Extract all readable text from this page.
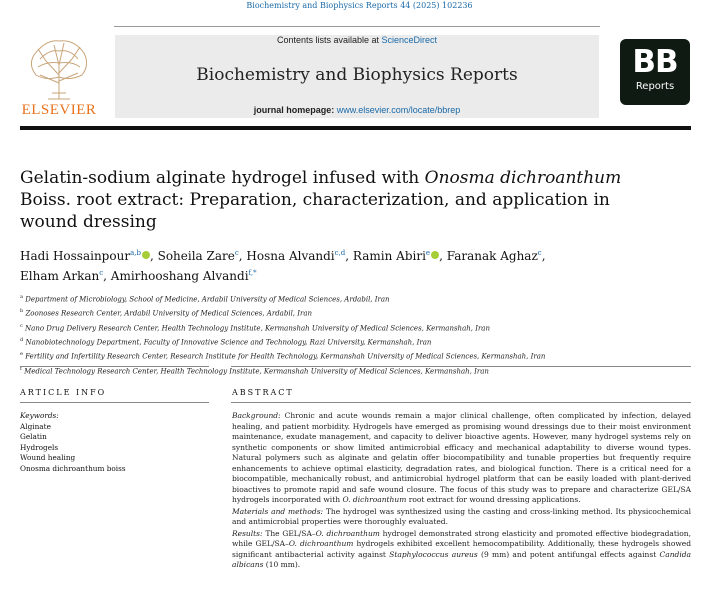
Biochemistry and Biophysics Reports 44 (2025) 102236
ELSEVIER
Contents lists available at ScienceDirect
Biochemistry and Biophysics Reports
journal homepage: www.elsevier.com/locate/bbrep
BB
Reports
Gelatin-sodium alginate hydrogel infused with Onosma dichroanthum Boiss. root extract: Preparation, characterization, and application in wound dressing
Hadi Hossainpour$^{a,b}$ , Soheila Zare$^c$, Hosna Alvandi$^{c,d}$, Ramin Abiri$^e$ , Faranak Aghaz$^c$,
Elham Arkan$^c$, Amirhooshang Alvandi$^{f,*}$
$^a$ Department of Microbiology, School of Medicine, Ardabil University of Medical Sciences, Ardabil, Iran
$^b$ Zoonoses Research Center, Ardabil University of Medical Sciences, Ardabil, Iran
$^c$ Nano Drug Delivery Research Center, Health Technology Institute, Kermanshah University of Medical Sciences, Kermanshah, Iran
$^d$ Nanobiotechnology Department, Faculty of Innovative Science and Technology, Razi University, Kermanshah, Iran
$^e$ Fertility and Infertility Research Center, Research Institute for Health Technology, Kermanshah University of Medical Sciences, Kermanshah, Iran
$^f$ Medical Technology Research Center, Health Technology Institute, Kermanshah University of Medical Sciences, Kermanshah, Iran
ARTICLE INFO	ABSTRACT
Keywords:
Alginate
Gelatin
Hydrogels
Wound healing
Onosma dichroanthum boiss

Background: Chronic and acute wounds remain a major clinical challenge, often complicated by infection, delayed healing, and patient morbidity. Hydrogels have emerged as promising wound dressings due to their moist environment maintenance, exudate management, and capacity to deliver bioactive agents. However, many hydrogel systems rely on synthetic components or show limited antimicrobial efficacy and mechanical adaptability to diverse wound types. Natural polymers such as alginate and gelatin offer biocompatibility and tunable properties but frequently require enhancements to achieve optimal elasticity, degradation rates, and biological function. There is a critical need for a biocompatible, mechanically robust, and antimicrobial hydrogel platform that can be easily loaded with plant-derived bioactives to promote rapid and safe wound closure. The focus of this study was to prepare and characterize GEL/SA hydrogels incorporated with O. dichroanthum root extract for wound dressing applications.

Materials and methods: The hydrogel was synthesized using the casting and cross-linking method. Its physicochemical and antimicrobial properties were thoroughly evaluated.

Results: The GEL/SA–O. dichroanthum hydrogel demonstrated strong elasticity and promoted effective biodegradation, while GEL/SA–O. dichroanthum hydrogels exhibited excellent hemocompatibility. Additionally, these hydrogels showed significant antibacterial activity against Staphylococcus aureus (9 mm) and potent antifungal effects against Candida albicans (10 mm).
